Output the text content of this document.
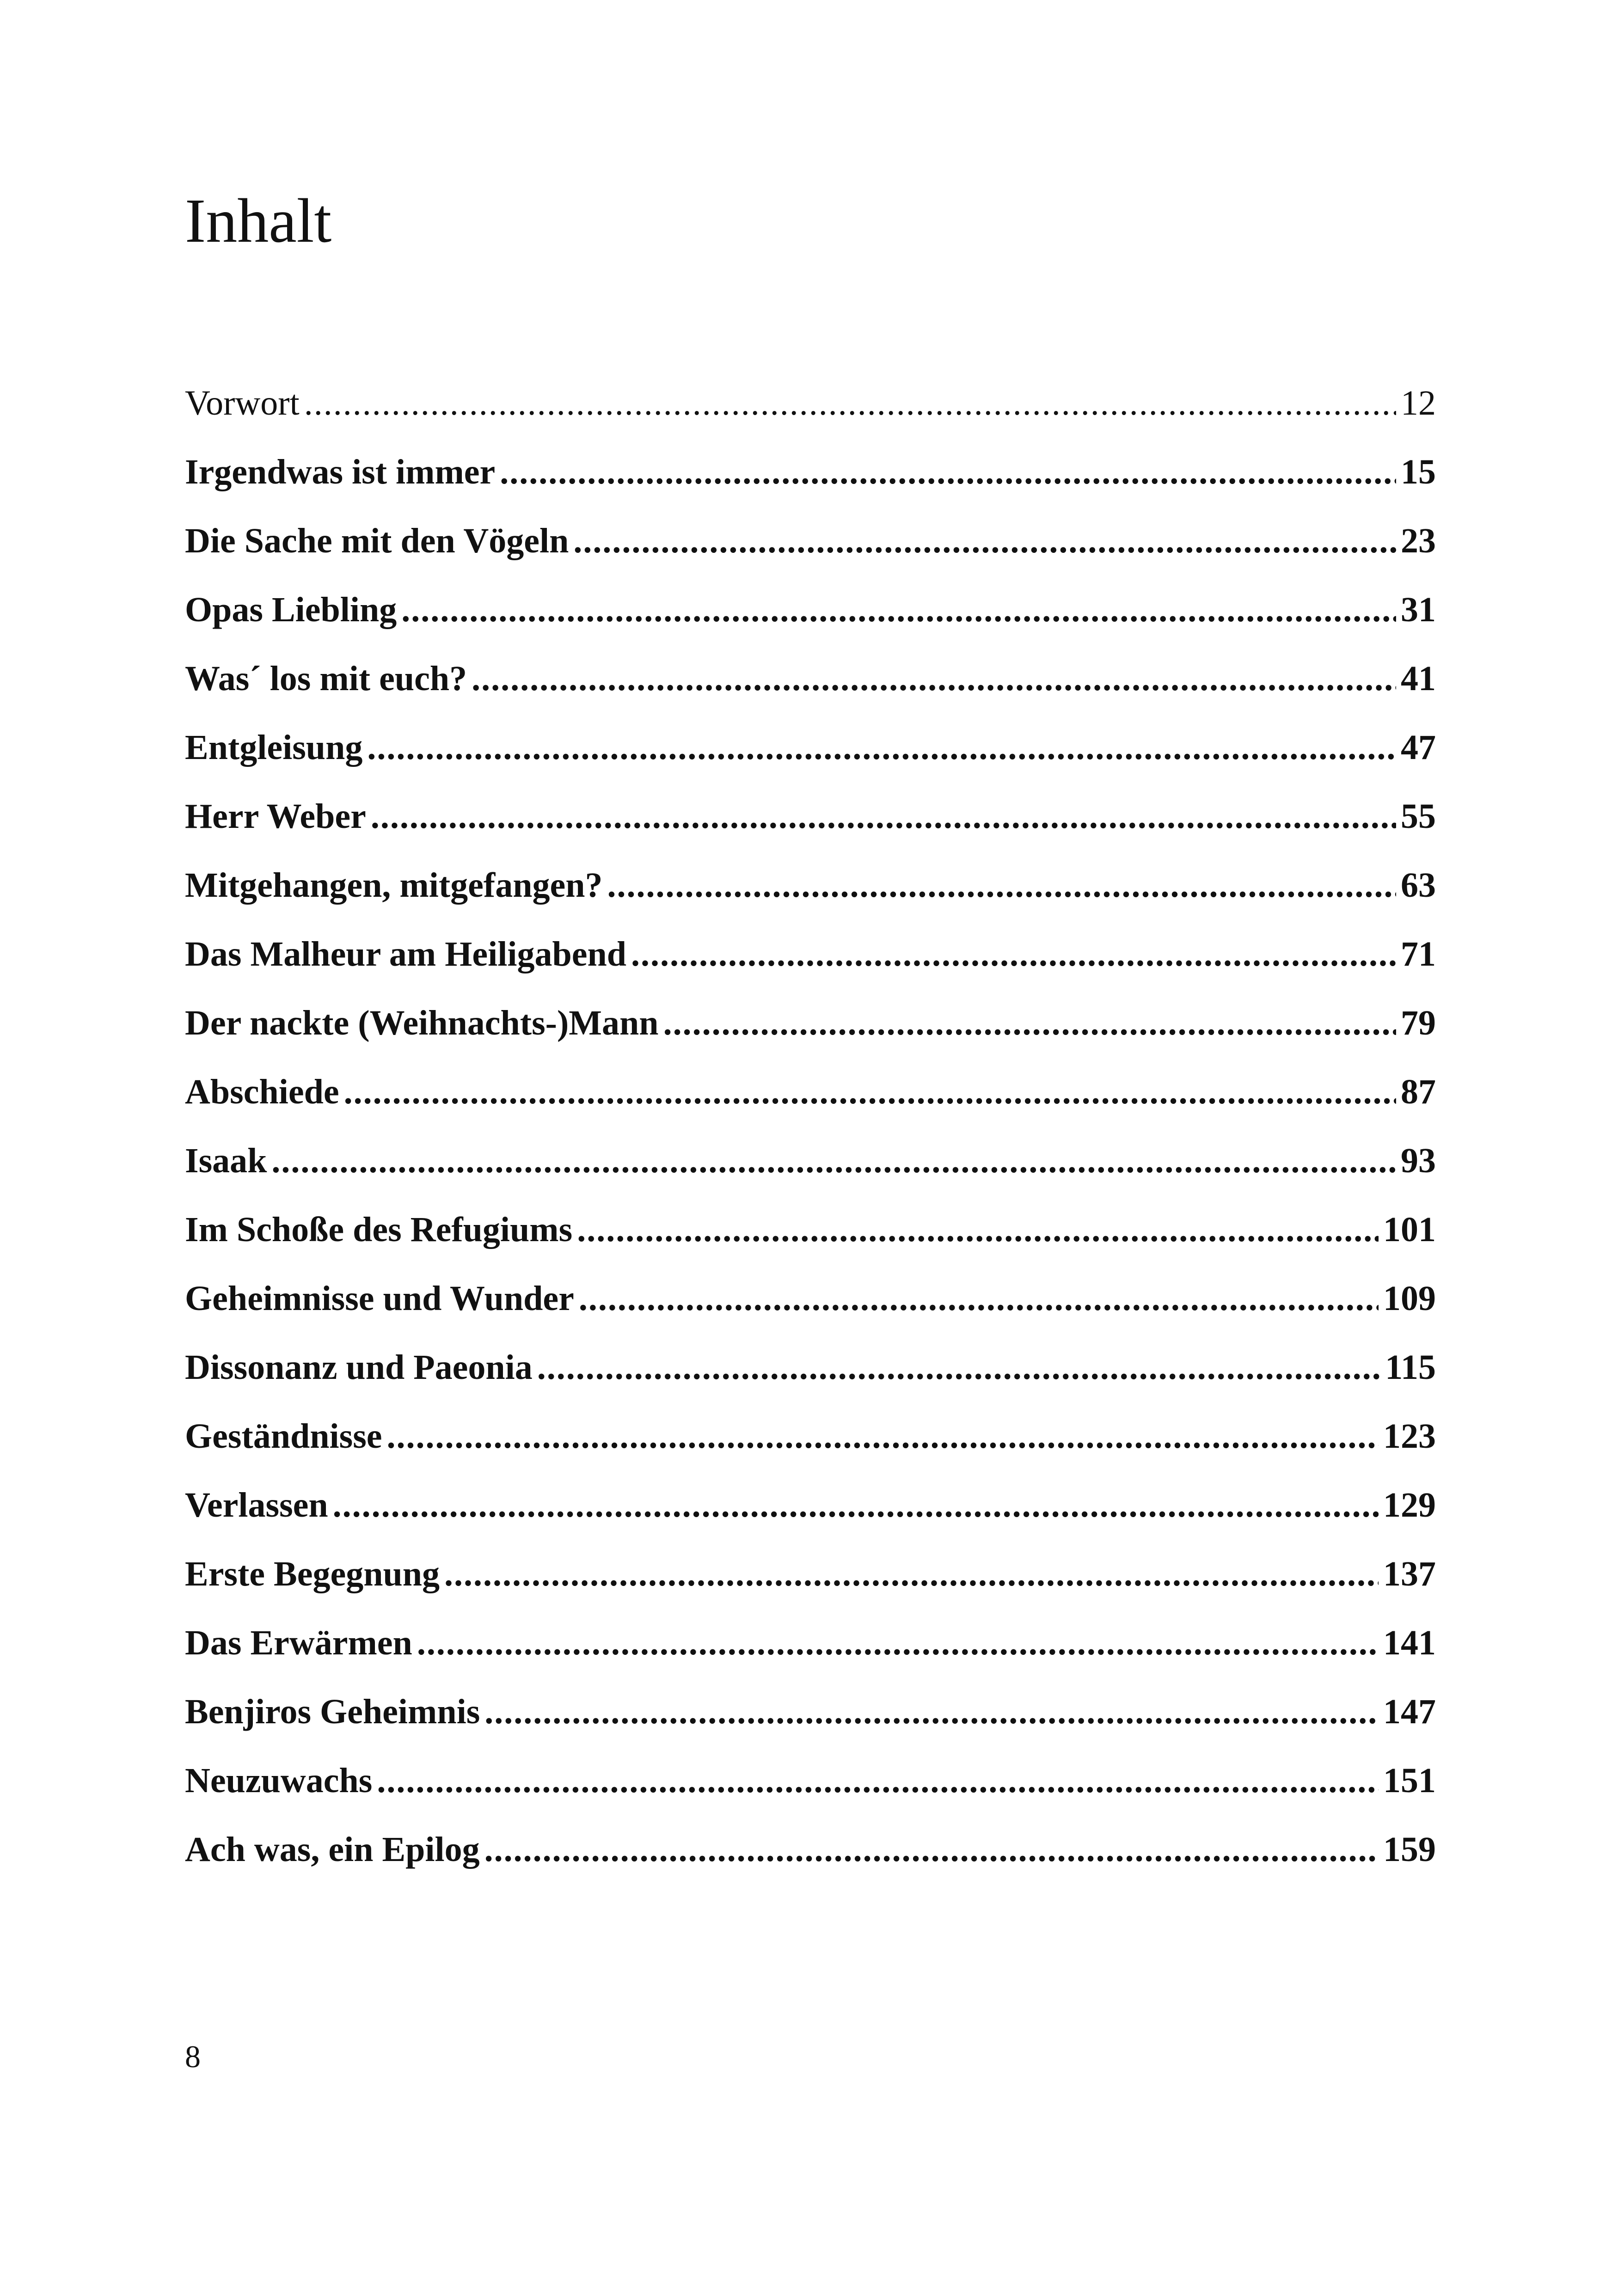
Inhalt
Vorwort .....	12
Irgendwas ist immer .....	15
Die Sache mit den Vögeln .....	23
Opas Liebling .....	31
Was´ los mit euch? .....	41
Entgleisung .....	47
Herr Weber .....	55
Mitgehangen, mitgefangen? .....	63
Das Malheur am Heiligabend .....	71
Der nackte (Weihnachts-)Mann .....	79
Abschiede .....	87
Isaak .....	93
Im Schoße des Refugiums .....	101
Geheimnisse und Wunder .....	109
Dissonanz und Paeonia .....	115
Geständnisse .....	123
Verlassen .....	129
Erste Begegnung .....	137
Das Erwärmen .....	141
Benjiros Geheimnis .....	147
Neuzuwachs .....	151
Ach was, ein Epilog .....	159
8
